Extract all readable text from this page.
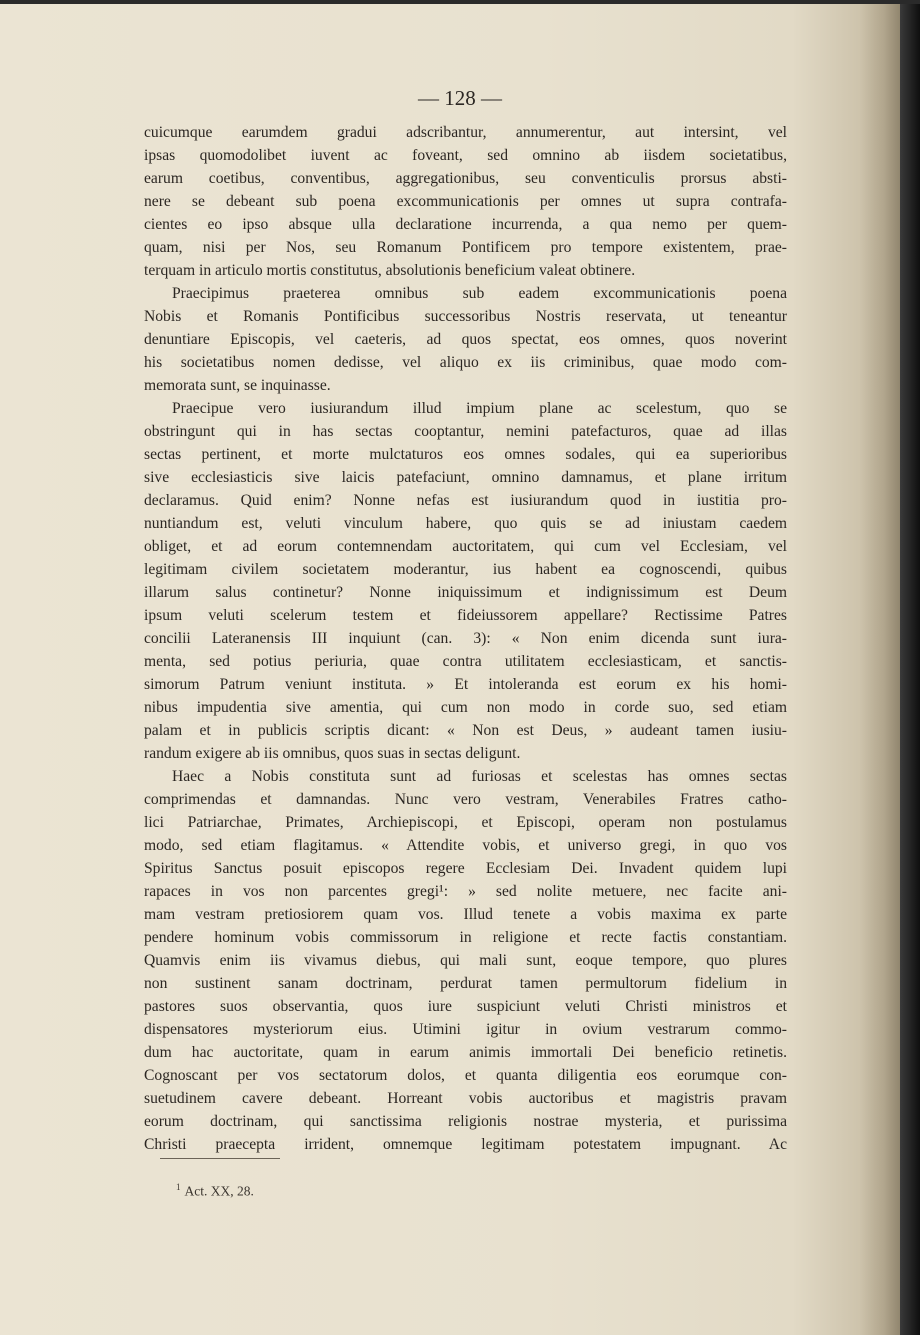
— 128 —
cuicumque earumdem gradui adscribantur, annumerentur, aut intersint, vel
ipsas quomodolibet iuvent ac foveant, sed omnino ab iisdem societatibus,
earum coetibus, conventibus, aggregationibus, seu conventiculis prorsus absti-
nere se debeant sub poena excommunicationis per omnes ut supra contrafa-
cientes eo ipso absque ulla declaratione incurrenda, a qua nemo per quem-
quam, nisi per Nos, seu Romanum Pontificem pro tempore existentem, prae-
terquam in articulo mortis constitutus, absolutionis beneficium valeat obtinere.
Praecipimus praeterea omnibus sub eadem excommunicationis poena
Nobis et Romanis Pontificibus successoribus Nostris reservata, ut teneantur
denuntiare Episcopis, vel caeteris, ad quos spectat, eos omnes, quos noverint
his societatibus nomen dedisse, vel aliquo ex iis criminibus, quae modo com-
memorata sunt, se inquinasse.
Praecipue vero iusiurandum illud impium plane ac scelestum, quo se
obstringunt qui in has sectas cooptantur, nemini patefacturos, quae ad illas
sectas pertinent, et morte mulctaturos eos omnes sodales, qui ea superioribus
sive ecclesiasticis sive laicis patefaciunt, omnino damnamus, et plane irritum
declaramus. Quid enim? Nonne nefas est iusiurandum quod in iustitia pro-
nuntiandum est, veluti vinculum habere, quo quis se ad iniustam caedem
obliget, et ad eorum contemnendam auctoritatem, qui cum vel Ecclesiam, vel
legitimam civilem societatem moderantur, ius habent ea cognoscendi, quibus
illarum salus continetur? Nonne iniquissimum et indignissimum est Deum
ipsum veluti scelerum testem et fideiussorem appellare? Rectissime Patres
concilii Lateranensis III inquiunt (can. 3): « Non enim dicenda sunt iura-
menta, sed potius periuria, quae contra utilitatem ecclesiasticam, et sanctis-
simorum Patrum veniunt instituta. » Et intoleranda est eorum ex his homi-
nibus impudentia sive amentia, qui cum non modo in corde suo, sed etiam
palam et in publicis scriptis dicant: « Non est Deus, » audeant tamen iusiu-
randum exigere ab iis omnibus, quos suas in sectas deligunt.
Haec a Nobis constituta sunt ad furiosas et scelestas has omnes sectas
comprimendas et damnandas. Nunc vero vestram, Venerabiles Fratres catho-
lici Patriarchae, Primates, Archiepiscopi, et Episcopi, operam non postulamus
modo, sed etiam flagitamus. « Attendite vobis, et universo gregi, in quo vos
Spiritus Sanctus posuit episcopos regere Ecclesiam Dei. Invadent quidem lupi
rapaces in vos non parcentes gregi¹: » sed nolite metuere, nec facite ani-
mam vestram pretiosiorem quam vos. Illud tenete a vobis maxima ex parte
pendere hominum vobis commissorum in religione et recte factis constantiam.
Quamvis enim iis vivamus diebus, qui mali sunt, eoque tempore, quo plures
non sustinent sanam doctrinam, perdurat tamen permultorum fidelium in
pastores suos observantia, quos iure suspiciunt veluti Christi ministros et
dispensatores mysteriorum eius. Utimini igitur in ovium vestrarum commo-
dum hac auctoritate, quam in earum animis immortali Dei beneficio retinetis.
Cognoscant per vos sectatorum dolos, et quanta diligentia eos eorumque con-
suetudinem cavere debeant. Horreant vobis auctoribus et magistris pravam
eorum doctrinam, qui sanctissima religionis nostrae mysteria, et purissima
Christi praecepta irrident, omnemque legitimam potestatem impugnant. Ac
$^1$ Act. XX, 28.
